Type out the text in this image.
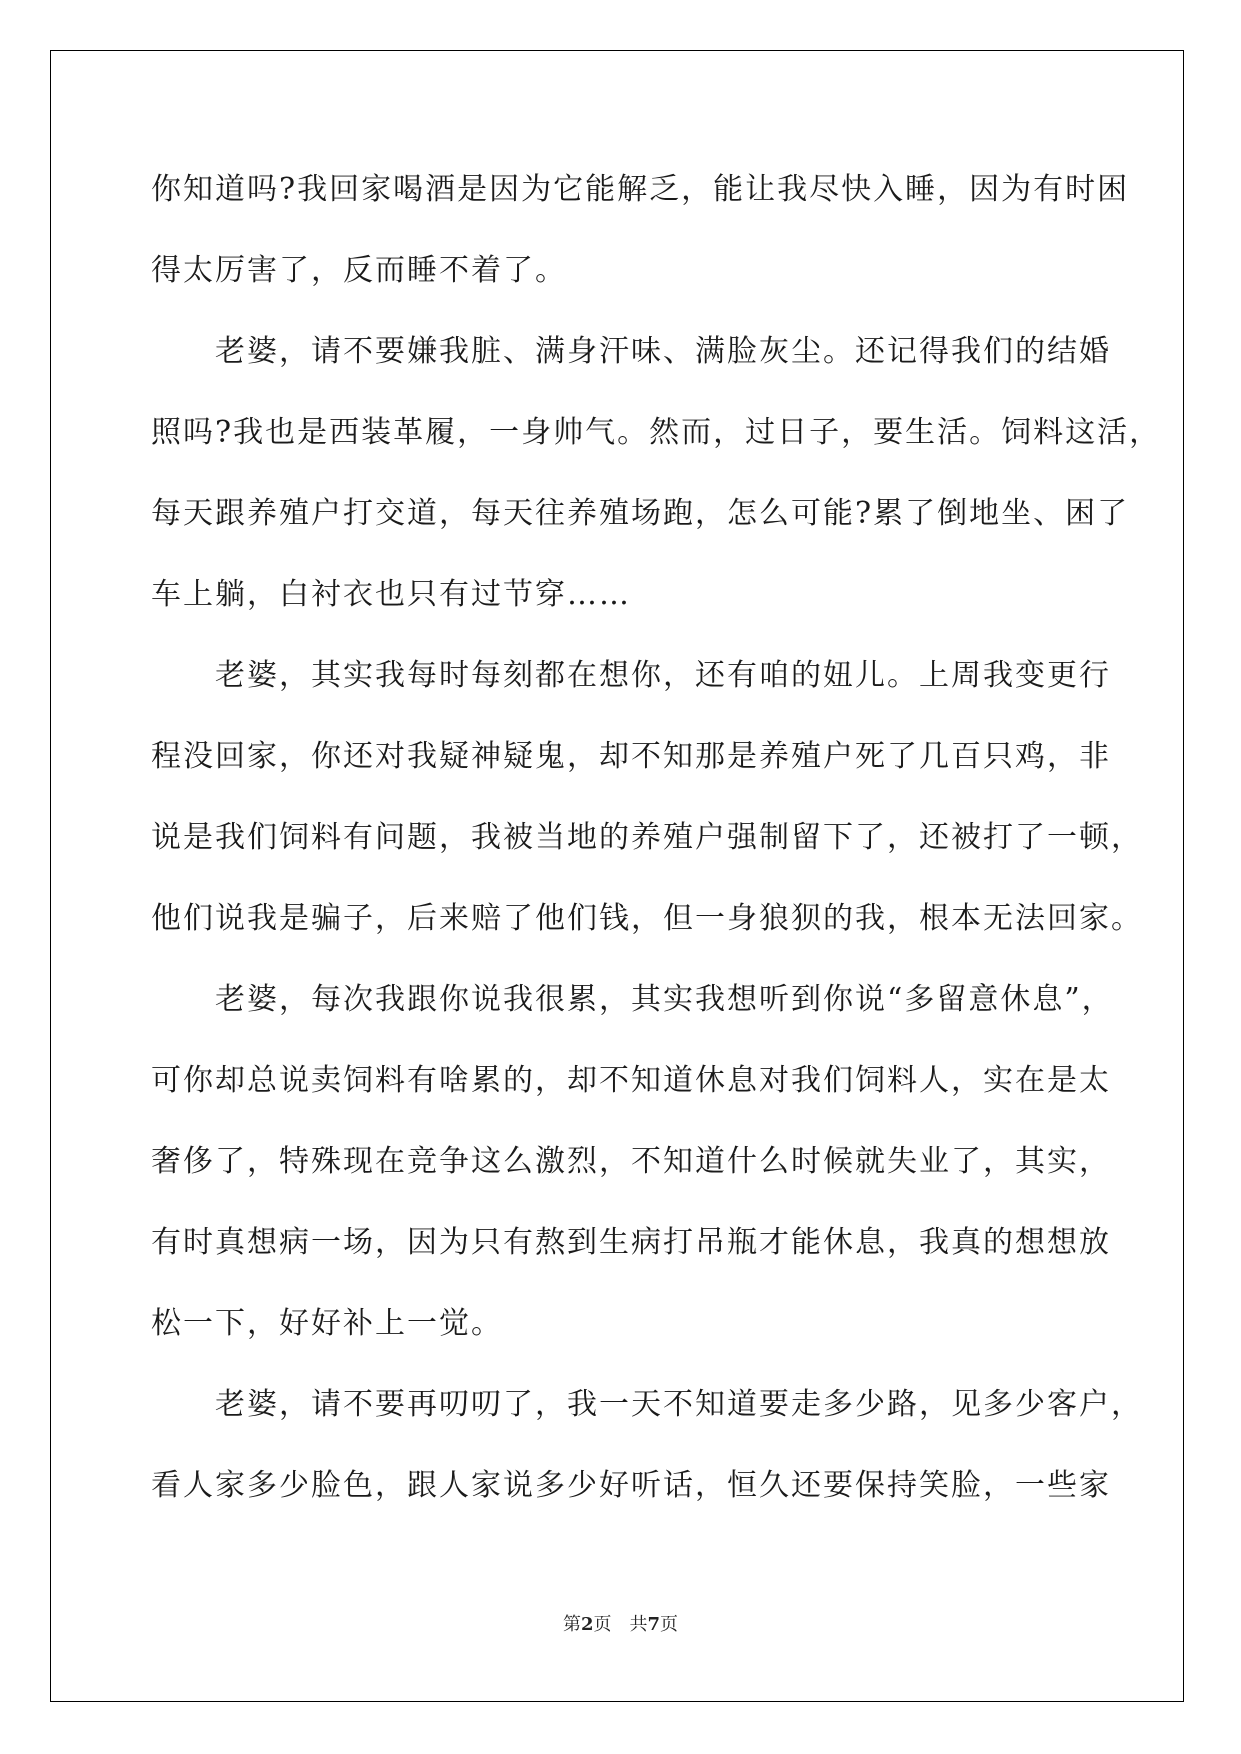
你知道吗?我回家喝酒是因为它能解乏，能让我尽快入睡，因为有时困
得太厉害了，反而睡不着了。
老婆，请不要嫌我脏、满身汗味、满脸灰尘。还记得我们的结婚
照吗?我也是西装革履，一身帅气。然而，过日子，要生活。饲料这活，
每天跟养殖户打交道，每天往养殖场跑，怎么可能?累了倒地坐、困了
车上躺，白衬衣也只有过节穿……
老婆，其实我每时每刻都在想你，还有咱的妞儿。上周我变更行
程没回家，你还对我疑神疑鬼，却不知那是养殖户死了几百只鸡，非
说是我们饲料有问题，我被当地的养殖户强制留下了，还被打了一顿，
他们说我是骗子，后来赔了他们钱，但一身狼狈的我，根本无法回家。
老婆，每次我跟你说我很累，其实我想听到你说“多留意休息”，
可你却总说卖饲料有啥累的，却不知道休息对我们饲料人，实在是太
奢侈了，特殊现在竞争这么激烈，不知道什么时候就失业了，其实，
有时真想病一场，因为只有熬到生病打吊瓶才能休息，我真的想想放
松一下，好好补上一觉。
老婆，请不要再叨叨了，我一天不知道要走多少路，见多少客户，
看人家多少脸色，跟人家说多少好听话，恒久还要保持笑脸，一些家
第2页 共7页
